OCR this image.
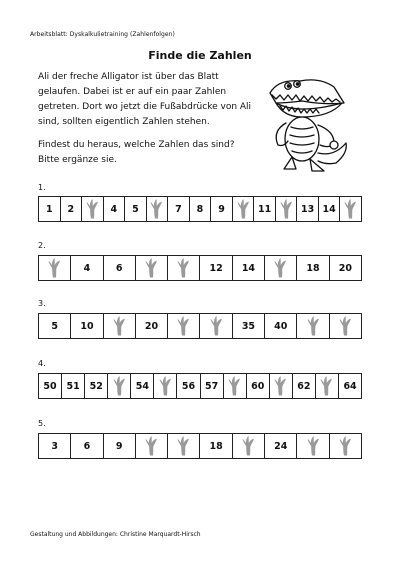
Arbeitsblatt: Dyskalkulietraining (Zahlenfolgen)
Finde die Zahlen

Ali der freche Alligator ist über das Blatt gelaufen. Dabei ist er auf ein paar Zahlen getreten. Dort wo jetzt die Fußabdrücke von Ali sind, sollten eigentlich Zahlen stehen.

Findest du heraus, welche Zahlen das sind? Bitte ergänze sie.

1.
1	2	4	5	7	8	9	11	13 14
2.
4	6	12	14	18	20
3.
5	10	20	35	40
4.
50	51	52	54	56	57	60	62	64
5.
3	6	9	18	24
Gestaltung und Abbildungen: Christine Marquardt-Hirsch
